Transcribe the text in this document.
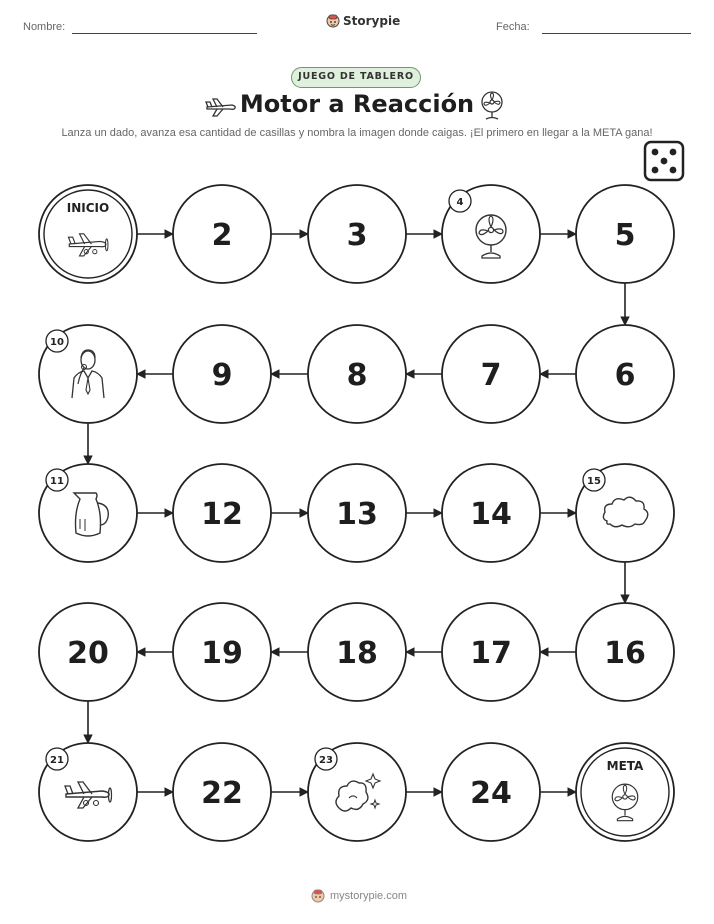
Nombre:	Fecha:
Storypie
JUEGO DE TABLERO
Motor a Reacción
Lanza un dado, avanza esa cantidad de casillas y nombra la imagen donde caigas. ¡El primero en llegar a la META gana!
INICIO
2	3
4
5
6
7
8
9
10
11
12	13	14
15
16
17
18
19
20
21
22
23
24
META
mystorypie.com
